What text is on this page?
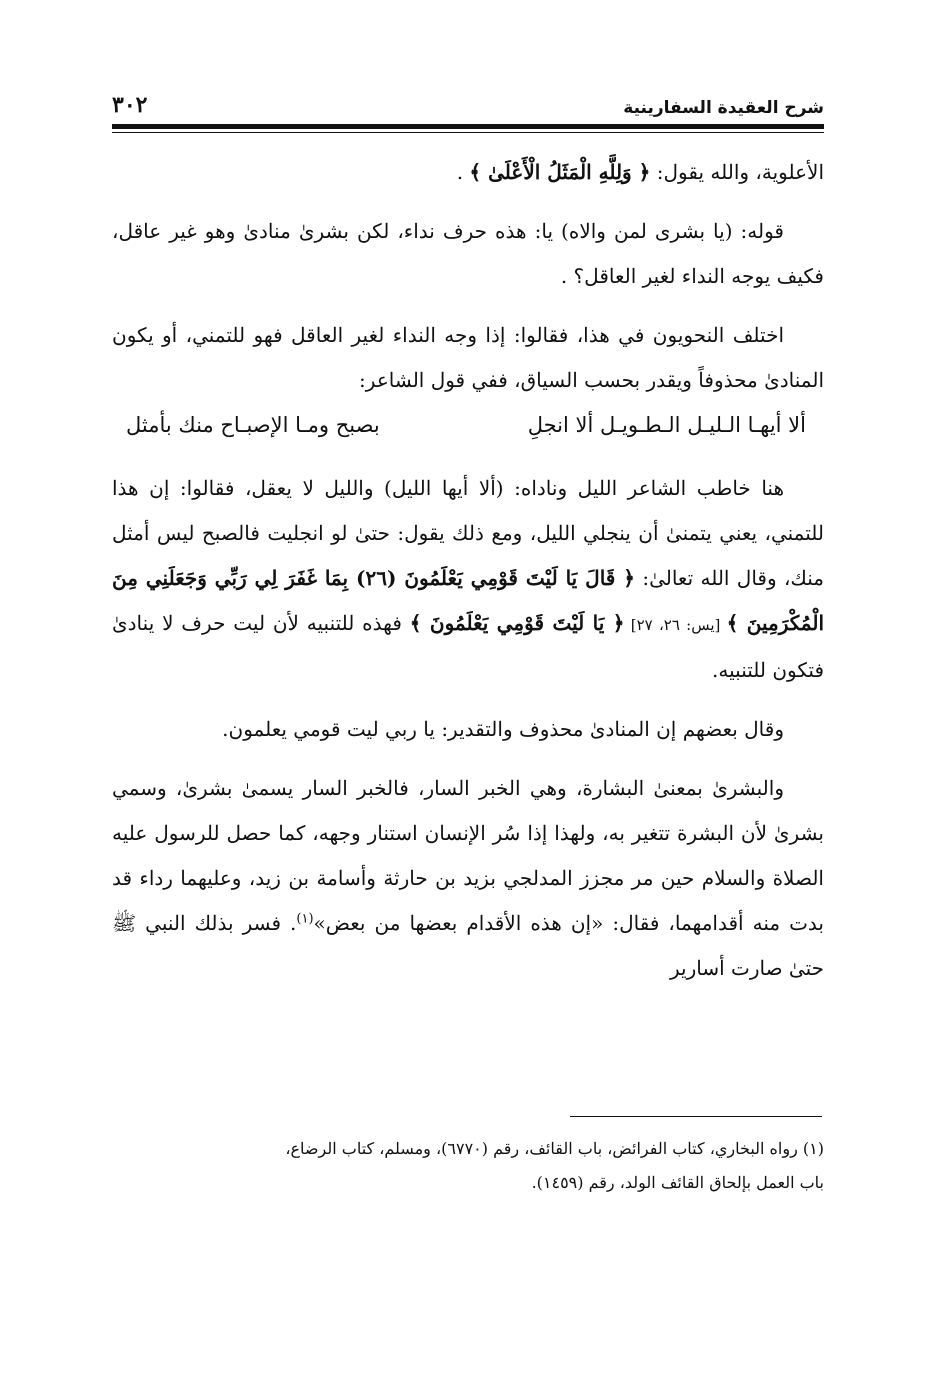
شرح العقيدة السفارينية
٣٠٢

الأعلوية، والله يقول: ﴿ وَلِلَّهِ الْمَثَلُ الْأَعْلَىٰ ﴾ .

قوله: (يا بشرى لمن والاه) يا: هذه حرف نداء، لكن بشرىٰ منادىٰ وهو غير عاقل، فكيف يوجه النداء لغير العاقل؟ .

اختلف النحويون في هذا، فقالوا: إذا وجه النداء لغير العاقل فهو للتمني، أو يكون المنادىٰ محذوفاً ويقدر بحسب السياق، ففي قول الشاعر:

ألا أيهـا الـليـل الـطـويـل ألا انجلِ
بصبح ومـا الإصبـاح منك بأمثل

هنا خاطب الشاعر الليل وناداه: (ألا أيها الليل) والليل لا يعقل، فقالوا: إن هذا للتمني، يعني يتمنىٰ أن ينجلي الليل، ومع ذلك يقول: حتىٰ لو انجليت فالصبح ليس أمثل منك، وقال الله تعالىٰ: ﴿ قَالَ يَا لَيْتَ قَوْمِي يَعْلَمُونَ (٢٦) بِمَا غَفَرَ لِي رَبِّي وَجَعَلَنِي مِنَ الْمُكْرَمِينَ ﴾ [يس: ٢٦، ٢٧] ﴿ يَا لَيْتَ قَوْمِي يَعْلَمُونَ ﴾ فهذه للتنبيه لأن ليت حرف لا ينادىٰ فتكون للتنبيه.

وقال بعضهم إن المنادىٰ محذوف والتقدير: يا ربي ليت قومي يعلمون.

والبشرىٰ بمعنىٰ البشارة، وهي الخبر السار، فالخبر السار يسمىٰ بشرىٰ، وسمي بشرىٰ لأن البشرة تتغير به، ولهذا إذا سُر الإنسان استنار وجهه، كما حصل للرسول عليه الصلاة والسلام حين مر مجزز المدلجي بزيد بن حارثة وأسامة بن زيد، وعليهما رداء قد بدت منه أقدامهما، فقال: «إن هذه الأقدام بعضها من بعض»$^{(١)}$. فسر بذلك النبي ﷺ حتىٰ صارت أسارير

(١) رواه البخاري، كتاب الفرائض، باب القائف، رقم (٦٧٧٠)، ومسلم، كتاب الرضاع،

باب العمل بإلحاق القائف الولد، رقم (١٤٥٩).
